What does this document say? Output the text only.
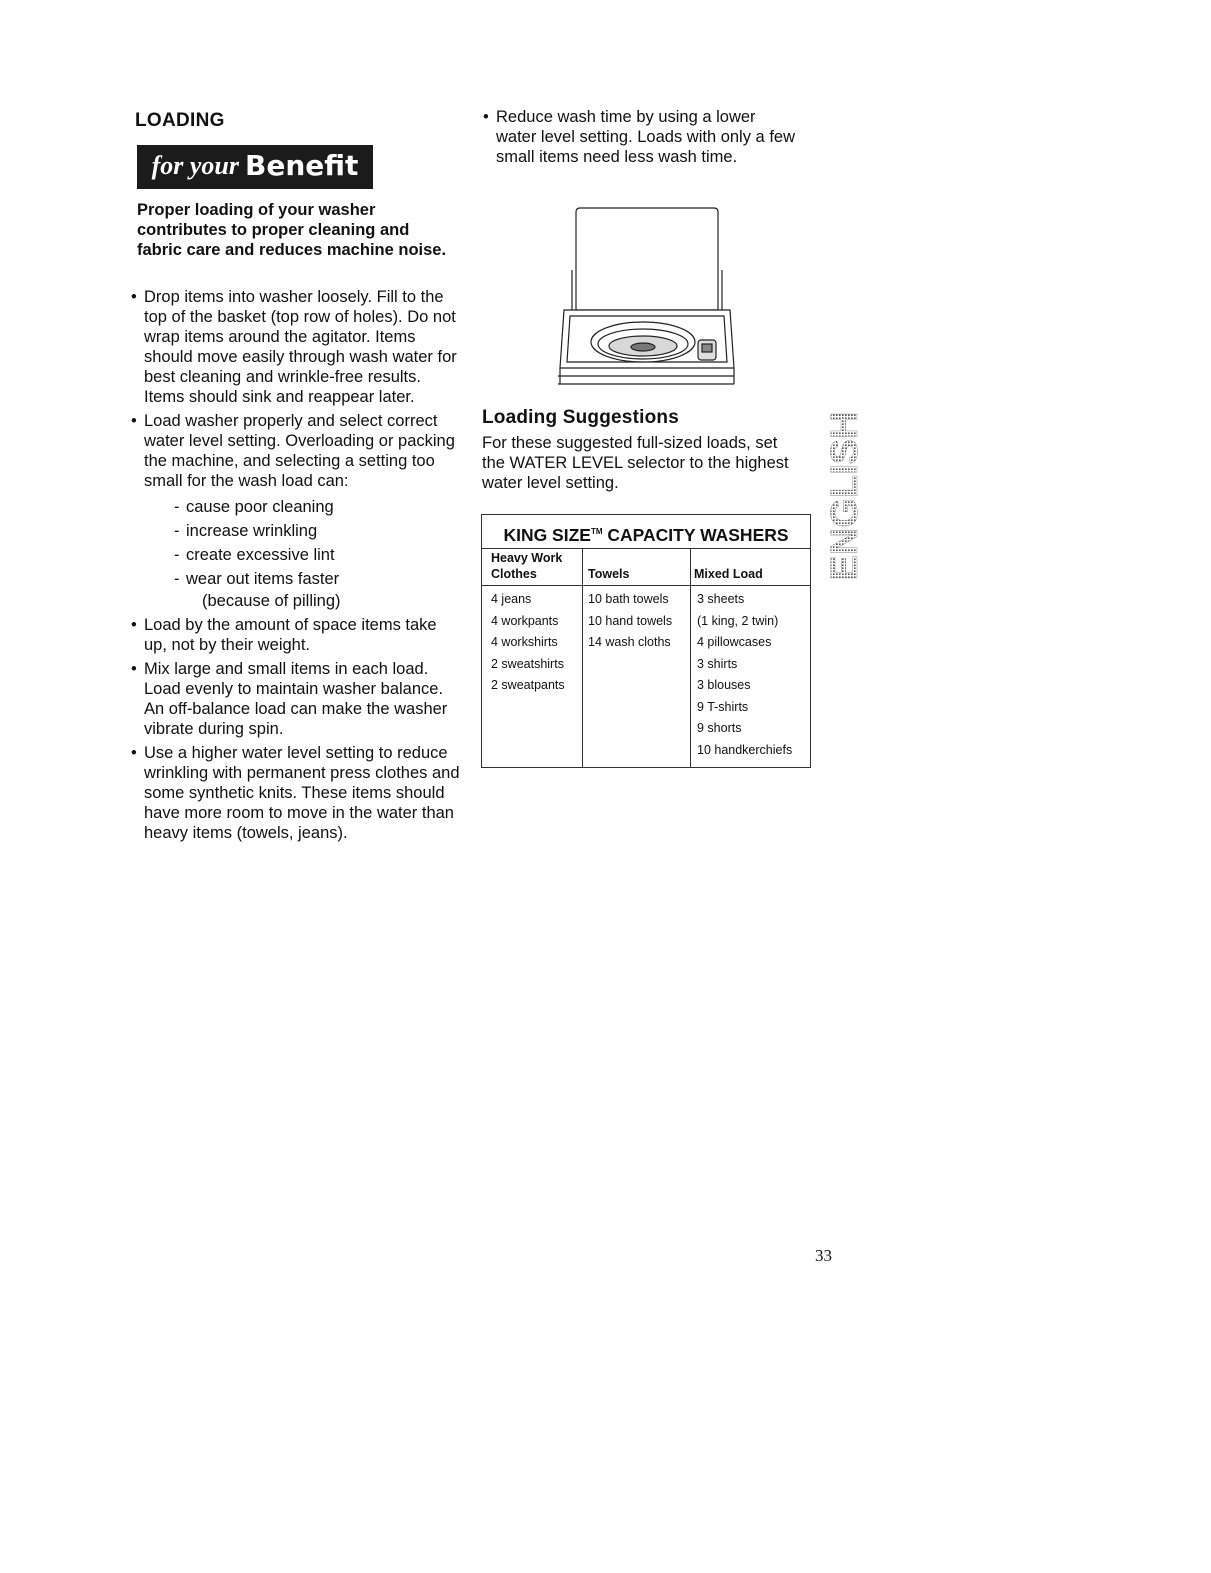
LOADING
for your Benefit
Proper loading of your washer contributes to proper cleaning and fabric care and reduces machine noise.
• Drop items into washer loosely. Fill to the top of the basket (top row of holes). Do not wrap items around the agitator. Items should move easily through wash water for best cleaning and wrinkle-free results. Items should sink and reappear later.
• Load washer properly and select correct water level setting. Overloading or packing the machine, and selecting a setting too small for the wash load can:
- cause poor cleaning
- increase wrinkling
- create excessive lint
- wear out items faster
(because of pilling)
• Load by the amount of space items take up, not by their weight.
• Mix large and small items in each load. Load evenly to maintain washer balance. An off-balance load can make the washer vibrate during spin.
• Use a higher water level setting to reduce wrinkling with permanent press clothes and some synthetic knits. These items should have more room to move in the water than heavy items (towels, jeans).
• Reduce wash time by using a lower water level setting. Loads with only a few small items need less wash time.
Loading Suggestions
For these suggested full-sized loads, set the WATER LEVEL selector to the highest water level setting.
KING SIZE™ CAPACITY WASHERS
Heavy Work
Clothes	Towels	Mixed Load
4 jeans
4 workpants
4 workshirts
2 sweatshirts
2 sweatpants
10 bath towels
10 hand towels
14 wash cloths
3 sheets
(1 king, 2 twin)
4 pillowcases
3 shirts
3 blouses
9 T-shirts
9 shorts
10 handkerchiefs
ENGLISH
33
